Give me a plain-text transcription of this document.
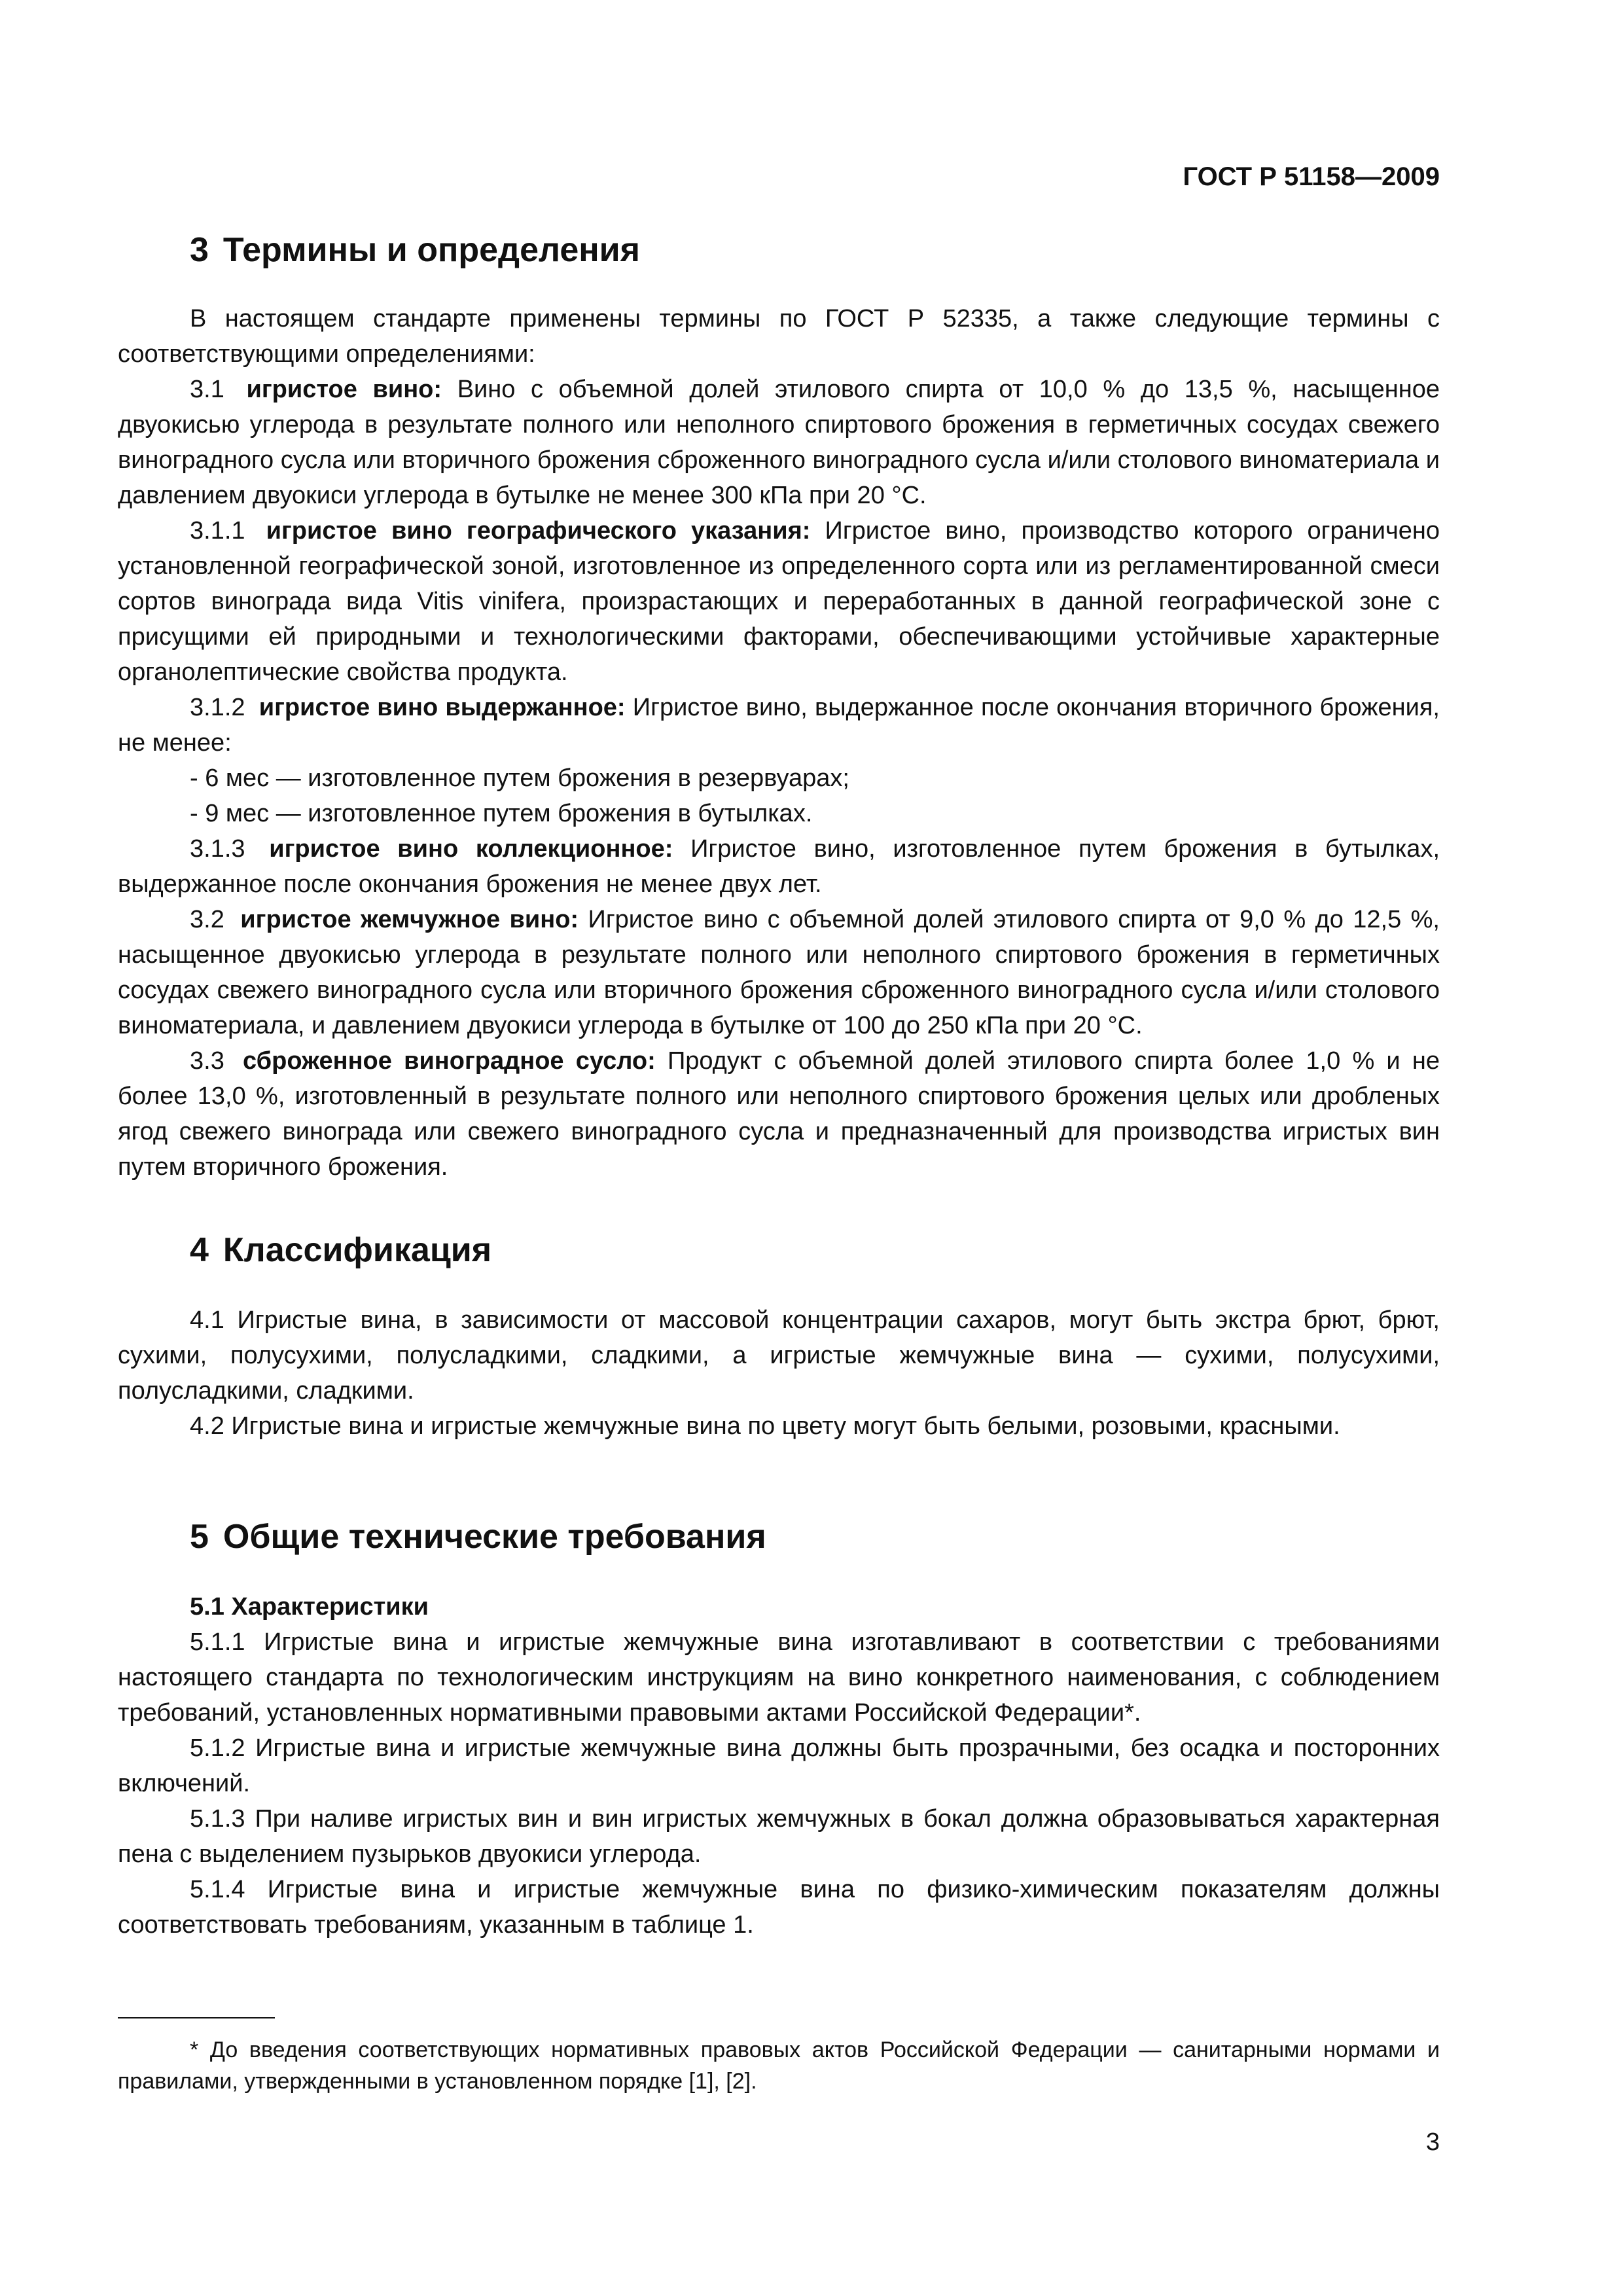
ГОСТ Р 51158—2009
3 Термины и определения

В настоящем стандарте применены термины по ГОСТ Р 52335, а также следующие термины с соответствующими определениями:

3.1 игристое вино: Вино с объемной долей этилового спирта от 10,0 % до 13,5 %, насыщенное двуокисью углерода в результате полного или неполного спиртового брожения в герметичных сосудах свежего виноградного сусла или вторичного брожения сброженного виноградного сусла и/или столового виноматериала и давлением двуокиси углерода в бутылке не менее 300 кПа при 20 °С.

3.1.1 игристое вино географического указания: Игристое вино, производство которого ограничено установленной географической зоной, изготовленное из определенного сорта или из регламентированной смеси сортов винограда вида Vitis vinifera, произрастающих и переработанных в данной географической зоне с присущими ей природными и технологическими факторами, обеспечивающими устойчивые характерные органолептические свойства продукта.

3.1.2 игристое вино выдержанное: Игристое вино, выдержанное после окончания вторичного брожения, не менее:

- 6 мес — изготовленное путем брожения в резервуарах;

- 9 мес — изготовленное путем брожения в бутылках.

3.1.3 игристое вино коллекционное: Игристое вино, изготовленное путем брожения в бутылках, выдержанное после окончания брожения не менее двух лет.

3.2 игристое жемчужное вино: Игристое вино с объемной долей этилового спирта от 9,0 % до 12,5 %, насыщенное двуокисью углерода в результате полного или неполного спиртового брожения в герметичных сосудах свежего виноградного сусла или вторичного брожения сброженного виноградного сусла и/или столового виноматериала, и давлением двуокиси углерода в бутылке от 100 до 250 кПа при 20 °С.

3.3 сброженное виноградное сусло: Продукт с объемной долей этилового спирта более 1,0 % и не более 13,0 %, изготовленный в результате полного или неполного спиртового брожения целых или дробленых ягод свежего винограда или свежего виноградного сусла и предназначенный для производства игристых вин путем вторичного брожения.

4 Классификация

4.1 Игристые вина, в зависимости от массовой концентрации сахаров, могут быть экстра брют, брют, сухими, полусухими, полусладкими, сладкими, а игристые жемчужные вина — сухими, полусухими, полусладкими, сладкими.

4.2 Игристые вина и игристые жемчужные вина по цвету могут быть белыми, розовыми, красными.

5 Общие технические требования

5.1 Характеристики

5.1.1 Игристые вина и игристые жемчужные вина изготавливают в соответствии с требованиями настоящего стандарта по технологическим инструкциям на вино конкретного наименования, с соблюдением требований, установленных нормативными правовыми актами Российской Федерации*.

5.1.2 Игристые вина и игристые жемчужные вина должны быть прозрачными, без осадка и посторонних включений.

5.1.3 При наливе игристых вин и вин игристых жемчужных в бокал должна образовываться характерная пена с выделением пузырьков двуокиси углерода.

5.1.4 Игристые вина и игристые жемчужные вина по физико-химическим показателям должны соответствовать требованиям, указанным в таблице 1.

* До введения соответствующих нормативных правовых актов Российской Федерации — санитарными нормами и правилами, утвержденными в установленном порядке [1], [2].

3
